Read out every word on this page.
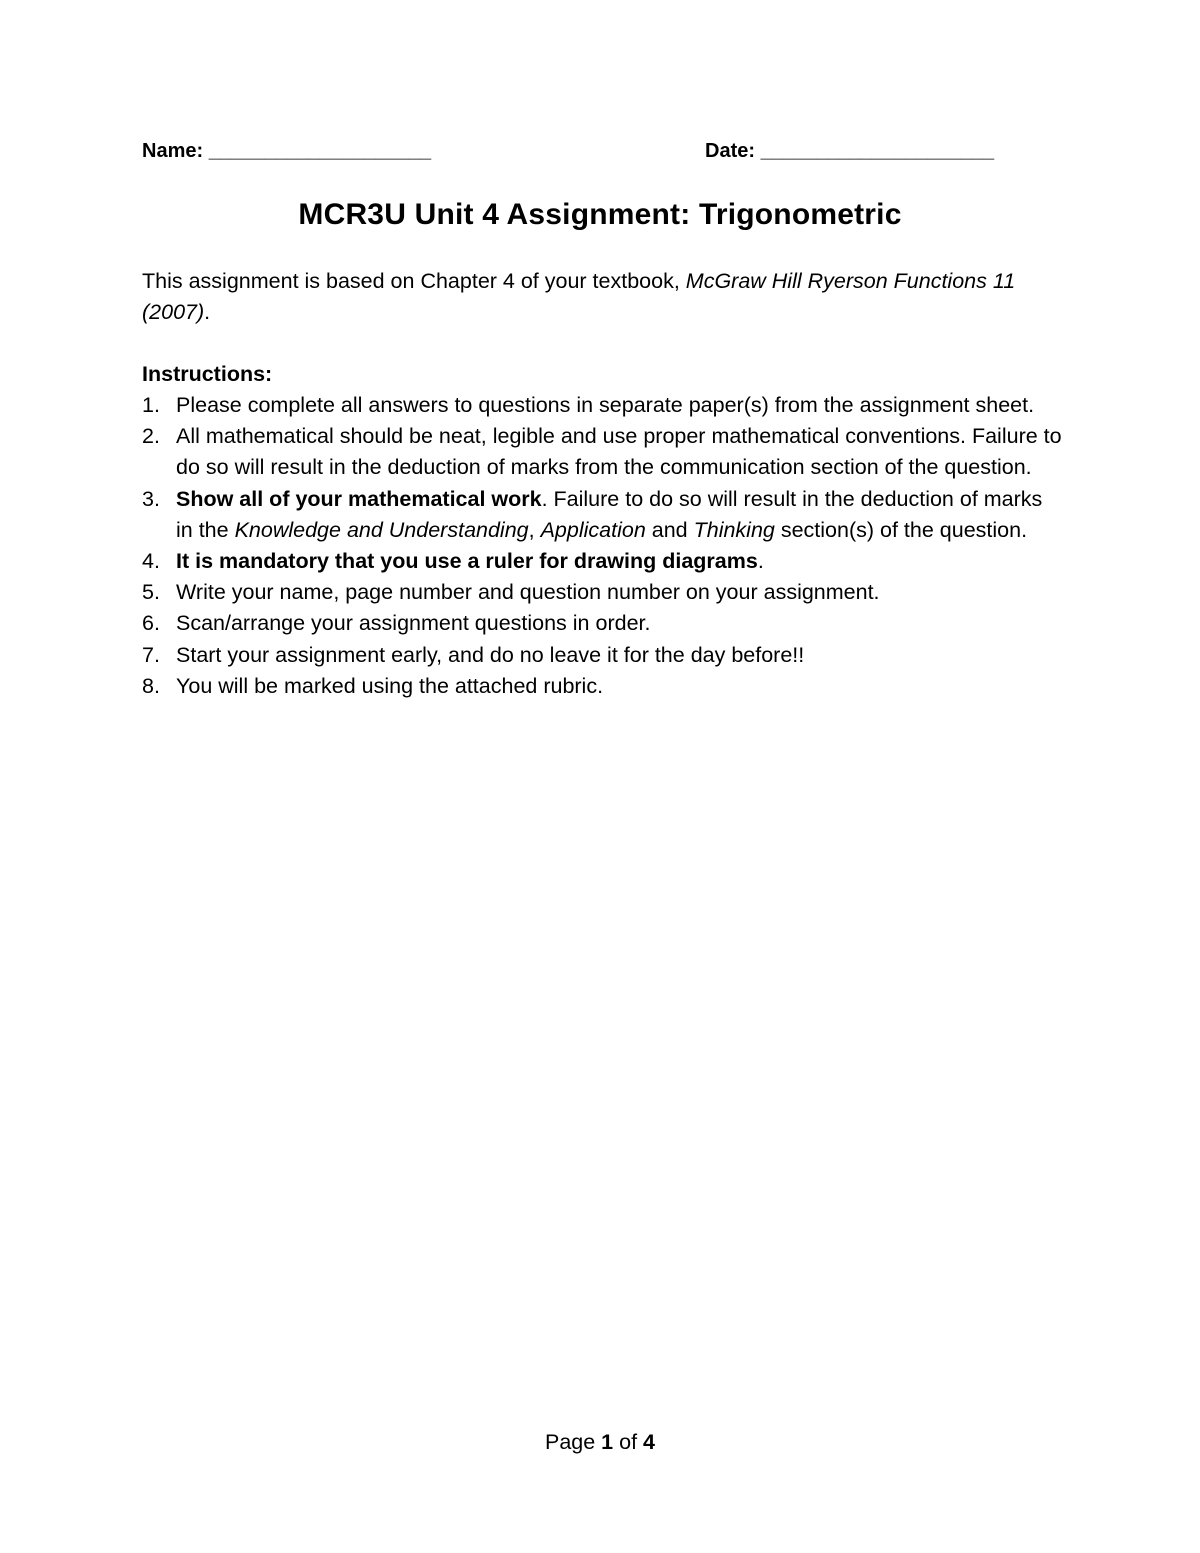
Name: ____________________	Date: _____________________
MCR3U Unit 4 Assignment: Trigonometric
This assignment is based on Chapter 4 of your textbook, McGraw Hill Ryerson Functions 11 (2007).
Instructions:
1. Please complete all answers to questions in separate paper(s) from the assignment sheet.
2. All mathematical should be neat, legible and use proper mathematical conventions. Failure to do so will result in the deduction of marks from the communication section of the question.
3. Show all of your mathematical work. Failure to do so will result in the deduction of marks in the Knowledge and Understanding, Application and Thinking section(s) of the question.
4. It is mandatory that you use a ruler for drawing diagrams.
5. Write your name, page number and question number on your assignment.
6. Scan/arrange your assignment questions in order.
7. Start your assignment early, and do no leave it for the day before!!
8. You will be marked using the attached rubric.
Page 1 of 4
